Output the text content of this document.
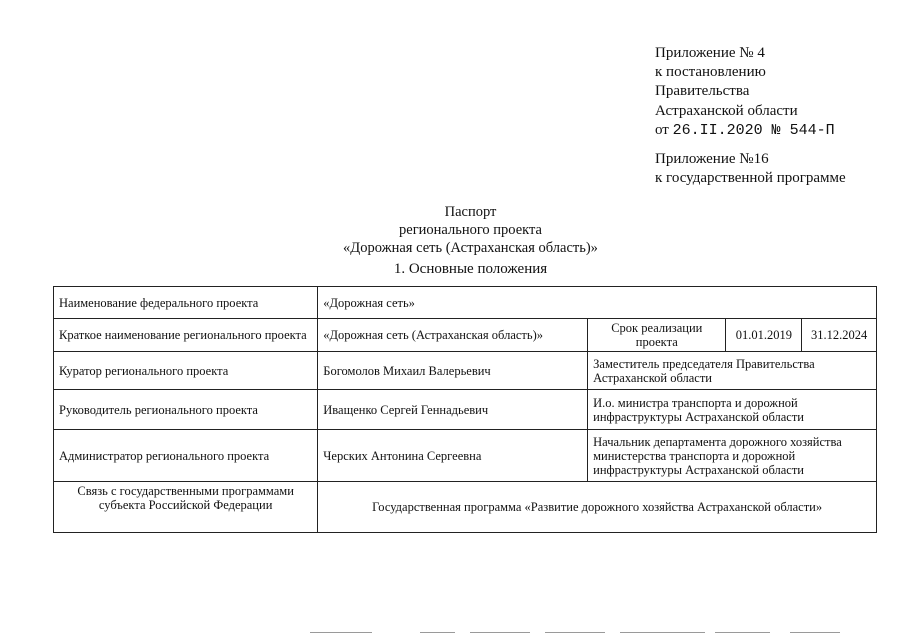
Приложение № 4
к постановлению
Правительства
Астраханской области
от 26.II.2020 № 544-П
Приложение №16
к государственной программе
Паспорт
регионального проекта
«Дорожная сеть (Астраханская область)»
1. Основные положения
Наименование федерального проекта	«Дорожная сеть»			
Краткое наименование регионального проекта	«Дорожная сеть (Астраханская область)»	Срок реализации проекта	01.01.2019	31.12.2024
Куратор регионального проекта	Богомолов Михаил Валерьевич	Заместитель председателя Правительства Астраханской области		
Руководитель регионального проекта	Иващенко Сергей Геннадьевич	И.о. министра транспорта и дорожной инфраструктуры Астраханской области		
Администратор регионального проекта	Черских Антонина Сергеевна	Начальник департамента дорожного хозяйства министерства транспорта и дорожной инфраструктуры Астраханской области		
Связь с государственными программами субъекта Российской Федерации	Государственная программа «Развитие дорожного хозяйства Астраханской области»			
